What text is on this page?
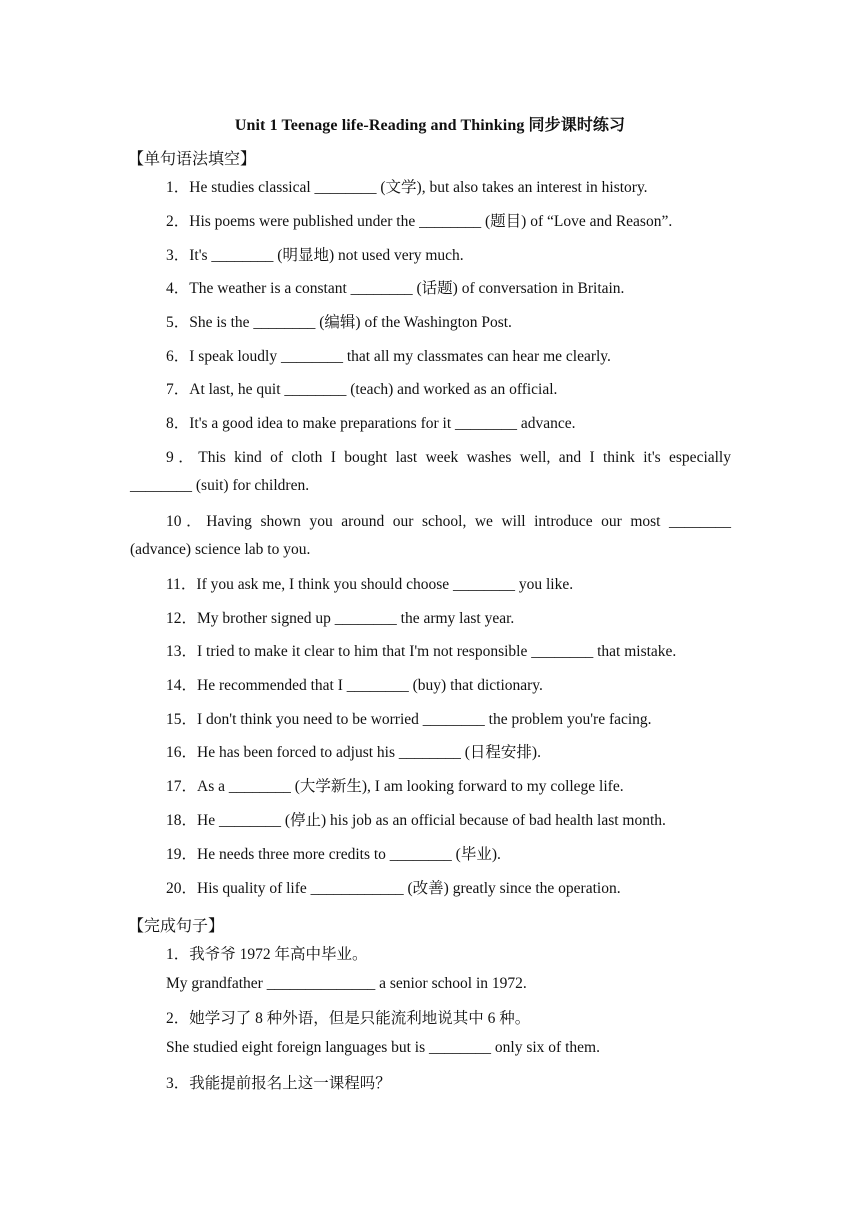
Unit 1 Teenage life-Reading and Thinking 同步课时练习
【单句语法填空】
1．He studies classical ________ (文学), but also takes an interest in history.
2．His poems were published under the ________ (题目) of “Love and Reason”.
3．It's ________ (明显地) not used very much.
4．The weather is a constant ________ (话题) of conversation in Britain.
5．She is the ________ (编辑) of the Washington Post.
6．I speak loudly ________ that all my classmates can hear me clearly.
7．At last, he quit ________ (teach) and worked as an official.
8．It's a good idea to make preparations for it ________ advance.
9．This kind of cloth I bought last week washes well, and I think it's especially
________ (suit) for children.
10．Having shown you around our school, we will introduce our most ________
(advance) science lab to you.
11．If you ask me, I think you should choose ________ you like.
12．My brother signed up ________ the army last year.
13．I tried to make it clear to him that I'm not responsible ________ that mistake.
14．He recommended that I ________ (buy) that dictionary.
15．I don't think you need to be worried ________ the problem you're facing.
16．He has been forced to adjust his ________ (日程安排).
17．As a ________ (大学新生), I am looking forward to my college life.
18．He ________ (停止) his job as an official because of bad health last month.
19．He needs three more credits to ________ (毕业).
20．His quality of life ____________ (改善) greatly since the operation.
【完成句子】
1．我爷爷 1972 年高中毕业。
My grandfather ______________ a senior school in 1972.
2．她学习了 8 种外语，但是只能流利地说其中 6 种。
She studied eight foreign languages but is ________ only six of them.
3．我能提前报名上这一课程吗？
